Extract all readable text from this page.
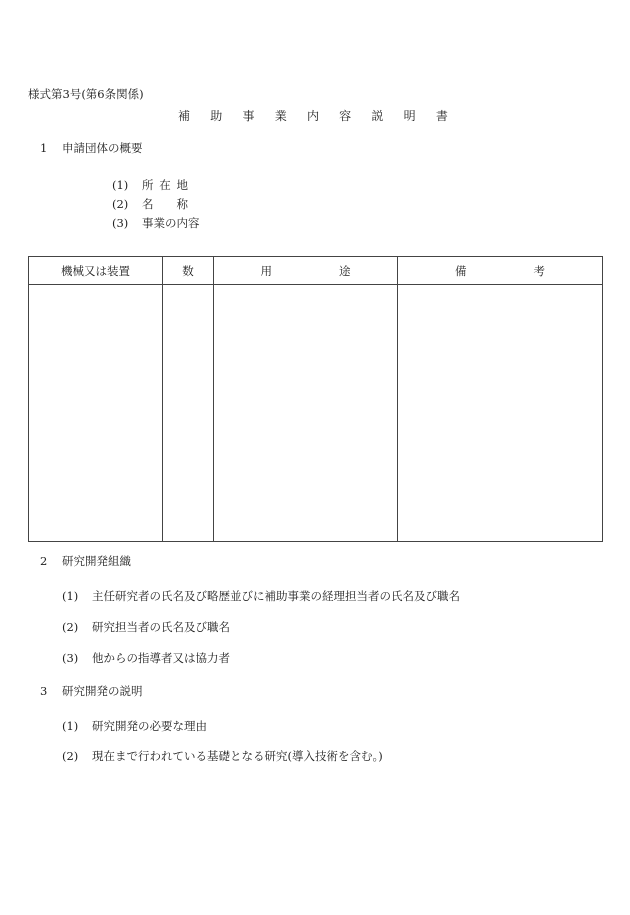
様式第3号(第6条関係)
補 助 事 業 内 容 説 明 書
1 申請団体の概要
(1) 所 在 地
(2) 名 称
(3) 事業の内容
機械又は装置	数	用 途	備 考

2 研究開発組織
(1) 主任研究者の氏名及び略歴並びに補助事業の経理担当者の氏名及び職名
(2) 研究担当者の氏名及び職名
(3) 他からの指導者又は協力者
3 研究開発の説明
(1) 研究開発の必要な理由
(2) 現在まで行われている基礎となる研究(導入技術を含む。)
